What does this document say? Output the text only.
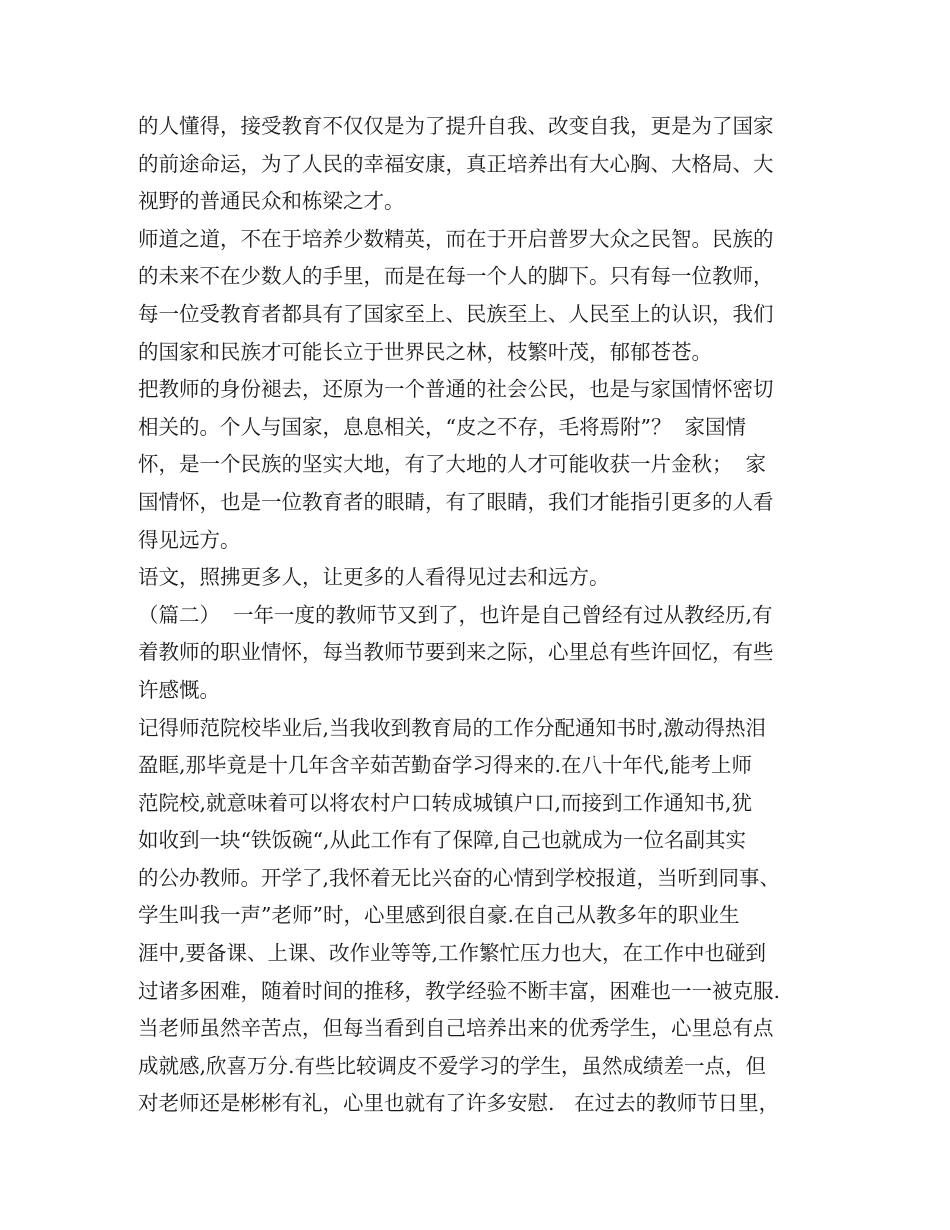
的人懂得，接受教育不仅仅是为了提升自我、改变自我，更是为了国家
的前途命运，为了人民的幸福安康，真正培养出有大心胸、大格局、大
视野的普通民众和栋梁之才。
师道之道，不在于培养少数精英，而在于开启普罗大众之民智。民族的
的未来不在少数人的手里，而是在每一个人的脚下。只有每一位教师，
每一位受教育者都具有了国家至上、民族至上、人民至上的认识，我们
的国家和民族才可能长立于世界民之林，枝繁叶茂，郁郁苍苍。
把教师的身份褪去，还原为一个普通的社会公民，也是与家国情怀密切
相关的。个人与国家，息息相关，“皮之不存，毛将焉附”？  家国情
怀，是一个民族的坚实大地，有了大地的人才可能收获一片金秋；  家
国情怀，也是一位教育者的眼睛，有了眼睛，我们才能指引更多的人看
得见远方。
语文，照拂更多人，让更多的人看得见过去和远方。
（篇二）  一年一度的教师节又到了，也许是自己曾经有过从教经历,有
着教师的职业情怀，每当教师节要到来之际，心里总有些许回忆，有些
许感慨。
记得师范院校毕业后,当我收到教育局的工作分配通知书时,激动得热泪
盈眶,那毕竟是十几年含辛茹苦勤奋学习得来的.在八十年代,能考上师
范院校,就意味着可以将农村户口转成城镇户口,而接到工作通知书,犹
如收到一块“铁饭碗“,从此工作有了保障,自己也就成为一位名副其实
的公办教师。开学了,我怀着无比兴奋的心情到学校报道，当听到同事、
学生叫我一声”老师”时，心里感到很自豪.在自己从教多年的职业生
涯中,要备课、上课、改作业等等,工作繁忙压力也大，在工作中也碰到
过诸多困难，随着时间的推移，教学经验不断丰富，困难也一一被克服.
当老师虽然辛苦点，但每当看到自己培养出来的优秀学生，心里总有点
成就感,欣喜万分.有些比较调皮不爱学习的学生，虽然成绩差一点，但
对老师还是彬彬有礼，心里也就有了许多安慰.   在过去的教师节日里，
